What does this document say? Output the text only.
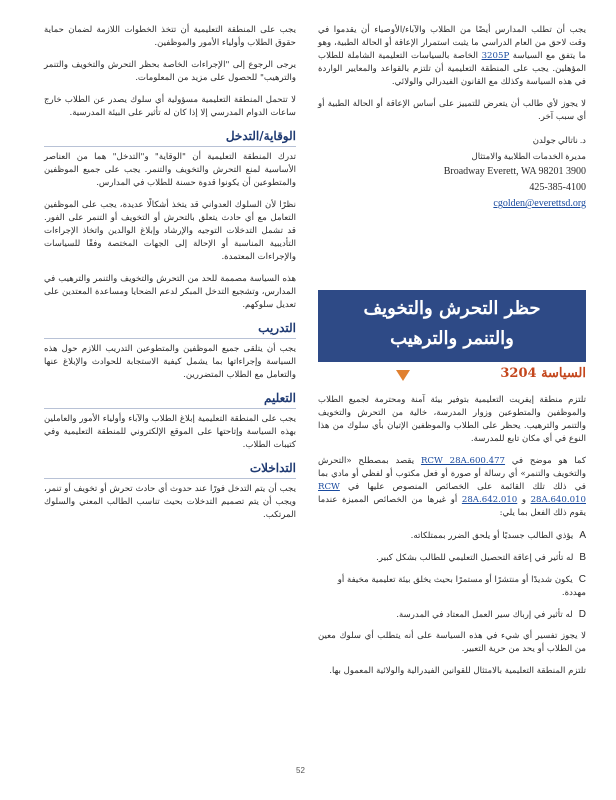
يجب أن تطلب المدارس أيضًا من الطلاب والآباء/الأوصياء أن يقدموا في وقت لاحق من العام الدراسي ما يثبت استمرار الإعاقة أو الحالة الطبية، وهو ما يتفق مع السياسة 3205P الخاصة بالسياسات التعليمية الشاملة للطلاب المؤهلين. يجب على المنطقة التعليمية أن تلتزم بالقواعد والمعايير الواردة في هذه السياسة وكذلك مع القانون الفيدرالي والولائي.

لا يجوز لأي طالب أن يتعرض للتمييز على أساس الإعاقة أو الحالة الطبية أو أي سبب آخر.

د. ناتالي جولدن

مديرة الخدمات الطلابية والامتثال

Broadway Everett, WA 98201 3900

425-385-4100

cgolden@everettsd.org

حظر التحرش والتخويف
والتنمر والترهيب
السياسة 3204

تلتزم منطقة إيفريت التعليمية بتوفير بيئة آمنة ومحترمة لجميع الطلاب والموظفين والمتطوعين وزوار المدرسة، خالية من التحرش والتخويف والتنمر والترهيب. يحظر على الطلاب والموظفين الإتيان بأي سلوك من هذا النوع في أي مكان تابع للمدرسة.

كما هو موضح في RCW 28A.600.477 يقصد بمصطلح «التحرش والتخويف والتنمر» أي رسالة أو صورة أو فعل مكتوب أو لفظي أو مادي بما في ذلك تلك القائمة على الخصائص المنصوص عليها في RCW 28A.640.010 و 28A.642.010 أو غيرها من الخصائص المميزة عندما يقوم ذلك الفعل بما يلي:

Aيؤذي الطالب جسديًا أو يلحق الضرر بممتلكاته.

Bله تأثير في إعاقة التحصيل التعليمي للطالب بشكل كبير.

Cيكون شديدًا أو منتشرًا أو مستمرًا بحيث يخلق بيئة تعليمية مخيفة أو مهددة.

Dله تأثير في إرباك سير العمل المعتاد في المدرسة.

لا يجوز تفسير أي شيء في هذه السياسة على أنه يتطلب أي سلوك معين من الطلاب أو يحد من حرية التعبير.

تلتزم المنطقة التعليمية بالامتثال للقوانين الفيدرالية والولائية المعمول بها.

يجب على المنطقة التعليمية أن تتخذ الخطوات اللازمة لضمان حماية حقوق الطلاب وأولياء الأمور والموظفين.

يرجى الرجوع إلى "الإجراءات الخاصة بحظر التحرش والتخويف والتنمر والترهيب" للحصول على مزيد من المعلومات.

لا تتحمل المنطقة التعليمية مسؤولية أي سلوك يصدر عن الطلاب خارج ساعات الدوام المدرسي إلا إذا كان له تأثير على البيئة المدرسية.

الوقاية/التدخل

تدرك المنطقة التعليمية أن "الوقاية" و"التدخل" هما من العناصر الأساسية لمنع التحرش والتخويف والتنمر. يجب على جميع الموظفين والمتطوعين أن يكونوا قدوة حسنة للطلاب في المدارس.

نظرًا لأن السلوك العدواني قد يتخذ أشكالًا عديدة، يجب على الموظفين التعامل مع أي حادث يتعلق بالتحرش أو التخويف أو التنمر على الفور. قد تشمل التدخلات التوجيه والإرشاد وإبلاغ الوالدين واتخاذ الإجراءات التأديبية المناسبة أو الإحالة إلى الجهات المختصة وفقًا للسياسات والإجراءات المعتمدة.

هذه السياسة مصممة للحد من التحرش والتخويف والتنمر والترهيب في المدارس، وتشجيع التدخل المبكر لدعم الضحايا ومساعدة المعتدين على تعديل سلوكهم.

التدريب

يجب أن يتلقى جميع الموظفين والمتطوعين التدريب اللازم حول هذه السياسة وإجراءاتها بما يشمل كيفية الاستجابة للحوادث والإبلاغ عنها والتعامل مع الطلاب المتضررين.

التعليم

يجب على المنطقة التعليمية إبلاغ الطلاب والآباء وأولياء الأمور والعاملين بهذه السياسة وإتاحتها على الموقع الإلكتروني للمنطقة التعليمية وفي كتيبات الطلاب.

التداخلات

يجب أن يتم التدخل فورًا عند حدوث أي حادث تحرش أو تخويف أو تنمر، ويجب أن يتم تصميم التدخلات بحيث تناسب الطالب المعني والسلوك المرتكب.

52
